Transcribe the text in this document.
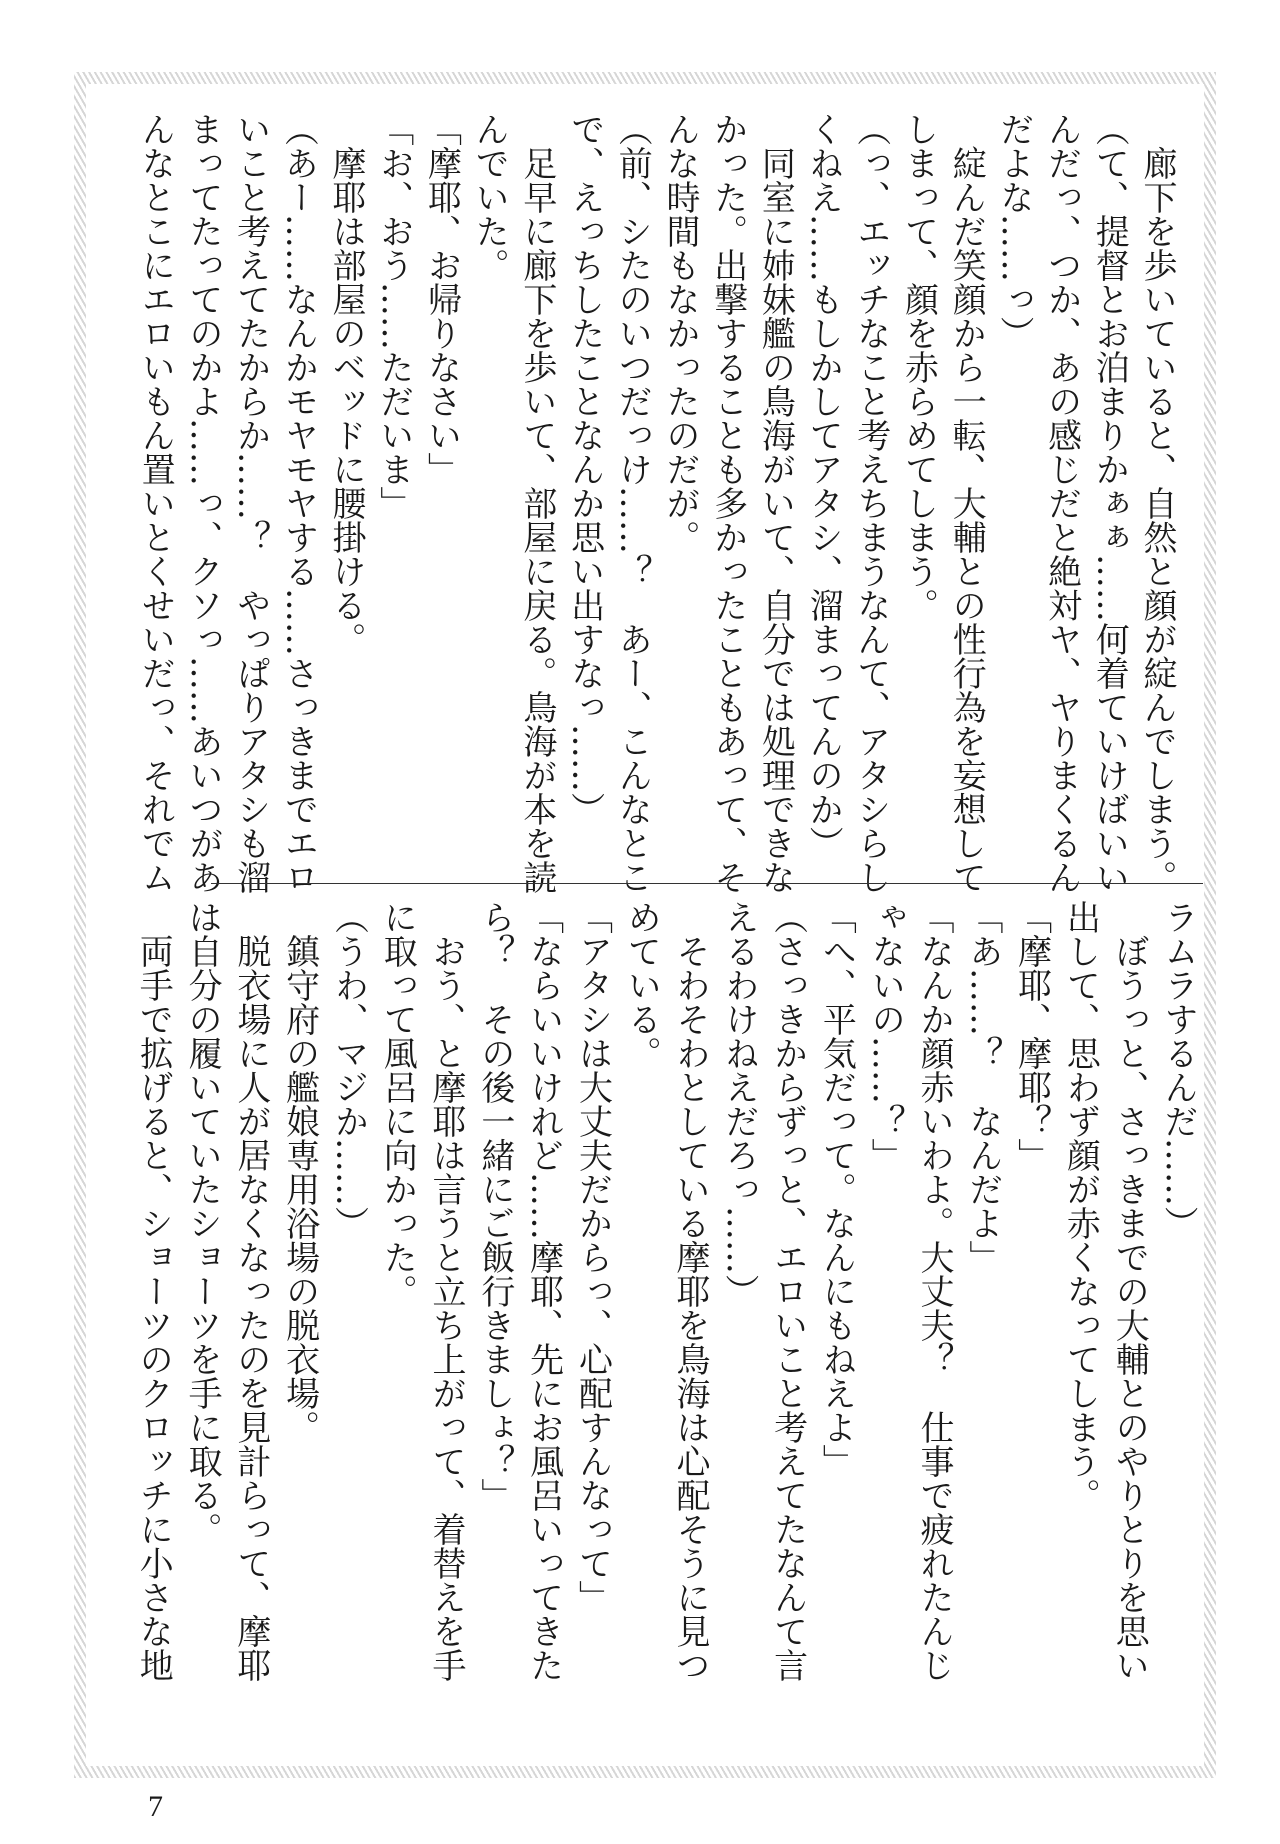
廊下を歩いていると、自然と顔が綻んでしまう。
（て、提督とお泊まりかぁぁ……何着ていけばいい
んだっ、つか、あの感じだと絶対ヤ、ヤりまくるん
だよな……っ）
綻んだ笑顔から一転、大輔との性行為を妄想して
しまって、顔を赤らめてしまう。
（っ、エッチなこと考えちまうなんて、アタシらし
くねえ……もしかしてアタシ、溜まってんのか）
同室に姉妹艦の鳥海がいて、自分では処理できな
かった。出撃することも多かったこともあって、そ
んな時間もなかったのだが。
（前、シたのいつだっけ……？　あー、こんなとこ
で、えっちしたことなんか思い出すなっ……）
足早に廊下を歩いて、部屋に戻る。鳥海が本を読
んでいた。
「摩耶、お帰りなさい」
「お、おう……ただいま」
摩耶は部屋のベッドに腰掛ける。
（あー……なんかモヤモヤする……さっきまでエロ
いこと考えてたからか……？　やっぱりアタシも溜
まってたってのかよ……っ、クソっ……あいつがあ
んなとこにエロいもん置いとくせいだっ、それでム
ラムラするんだ……）
ぼうっと、さっきまでの大輔とのやりとりを思い
出して、思わず顔が赤くなってしまう。
「摩耶、摩耶？」
「あ……？　なんだよ」
「なんか顔赤いわよ。大丈夫？　仕事で疲れたんじ
ゃないの……？」
「へ、平気だって。なんにもねえよ」
（さっきからずっと、エロいこと考えてたなんて言
えるわけねえだろっ……）
そわそわとしている摩耶を鳥海は心配そうに見つ
めている。
「アタシは大丈夫だからっ、心配すんなって」
「ならいいけれど……摩耶、先にお風呂いってきた
ら？　その後一緒にご飯行きましょ？」
おう、と摩耶は言うと立ち上がって、着替えを手
に取って風呂に向かった。
（うわ、マジか……）
鎮守府の艦娘専用浴場の脱衣場。
脱衣場に人が居なくなったのを見計らって、摩耶
は自分の履いていたショーツを手に取る。
両手で拡げると、ショーツのクロッチに小さな地
7
